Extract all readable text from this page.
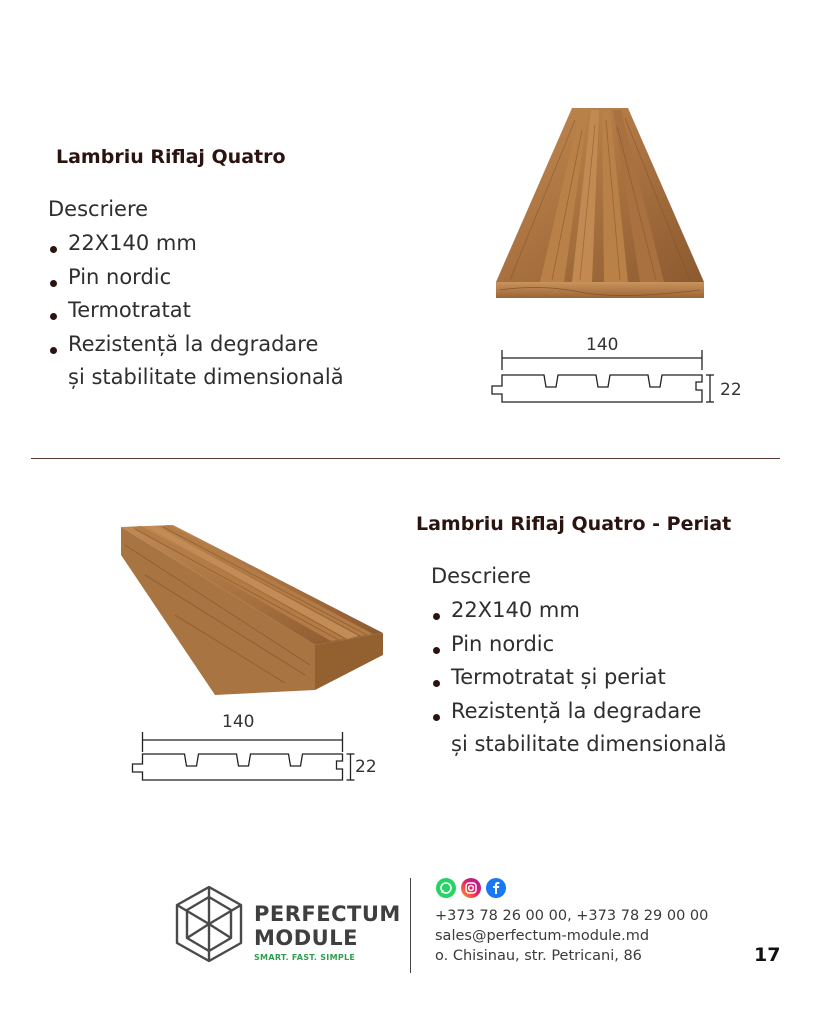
Lambriu Riflaj Quatro
Descriere
22X140 mm
Pin nordic
Termotratat
Rezistență la degradare
și stabilitate dimensională
140
22
Lambriu Riflaj Quatro - Periat
Descriere
22X140 mm
Pin nordic
Termotratat și periat
Rezistență la degradare
și stabilitate dimensională
140
22
PERFECTUM
MODULE
SMART. FAST. SIMPLE
+373 78 26 00 00, +373 78 29 00 00
sales@perfectum-module.md
o. Chisinau, str. Petricani, 86	17
